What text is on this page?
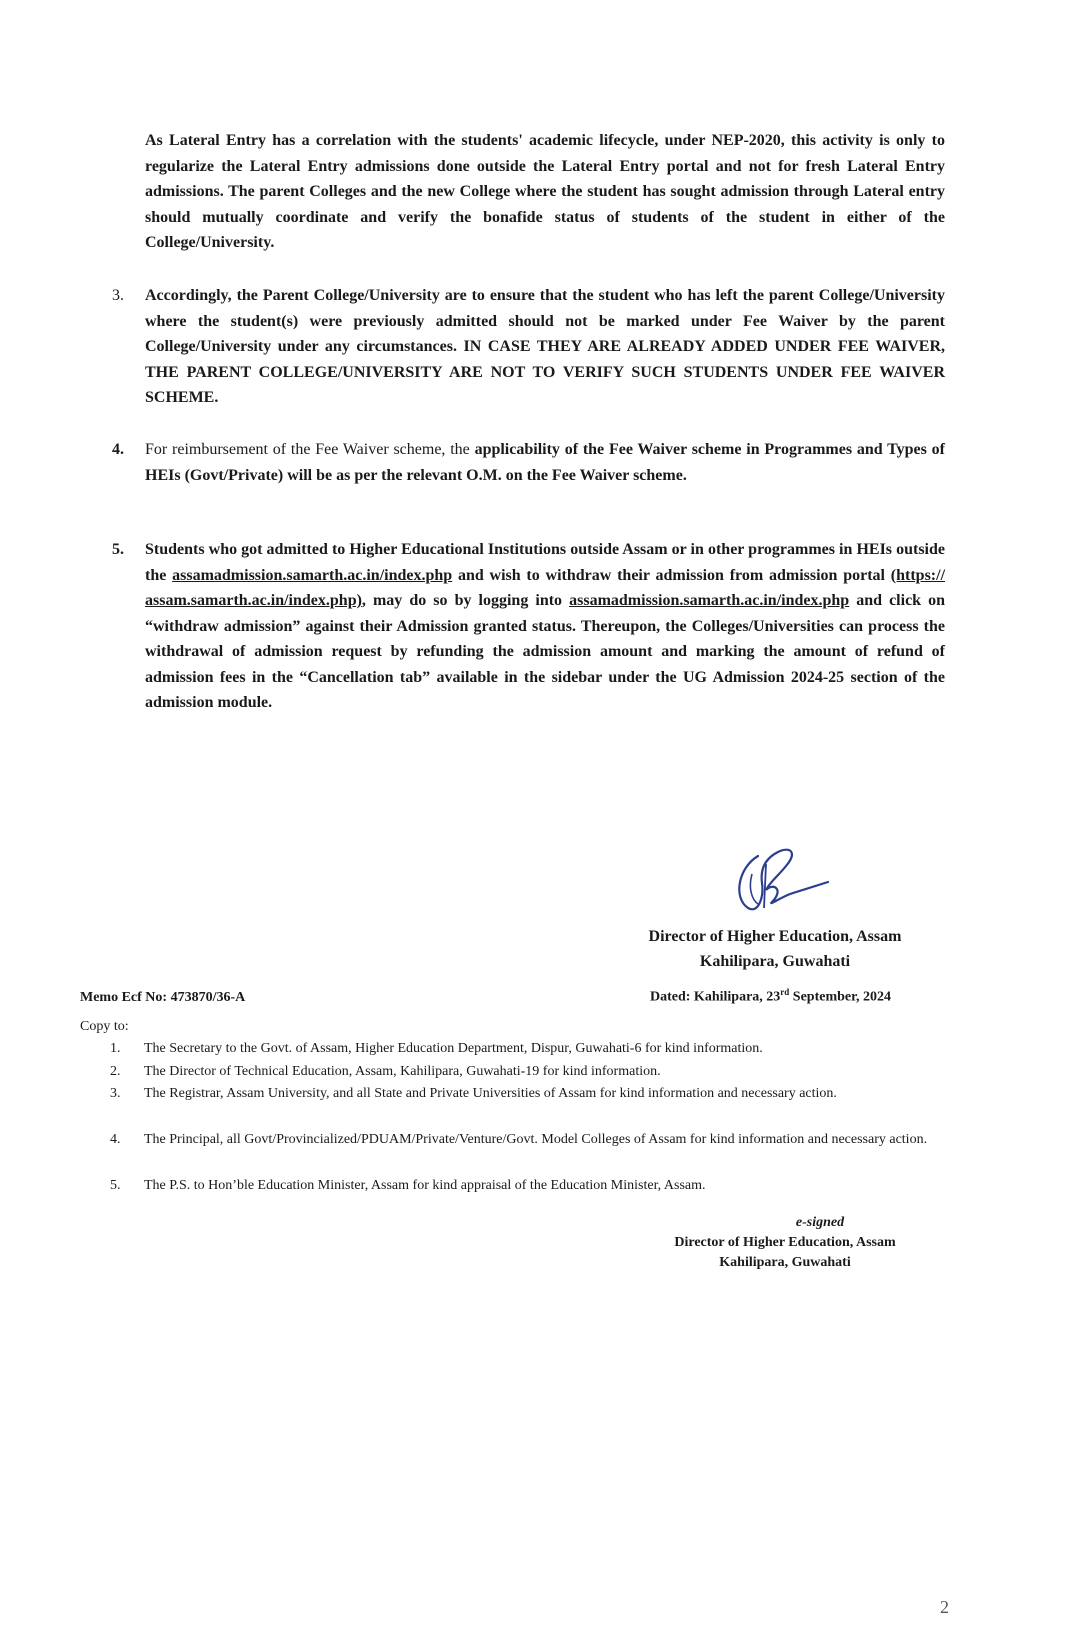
As Lateral Entry has a correlation with the students' academic lifecycle, under NEP-2020, this activity is only to regularize the Lateral Entry admissions done outside the Lateral Entry portal and not for fresh Lateral Entry admissions. The parent Colleges and the new College where the student has sought admission through Lateral entry should mutually coordinate and verify the bonafide status of students of the student in either of the College/University.
3. Accordingly, the Parent College/University are to ensure that the student who has left the parent College/University where the student(s) were previously admitted should not be marked under Fee Waiver by the parent College/University under any circumstances. IN CASE THEY ARE ALREADY ADDED UNDER FEE WAIVER, THE PARENT COLLEGE/UNIVERSITY ARE NOT TO VERIFY SUCH STUDENTS UNDER FEE WAIVER SCHEME.
4. For reimbursement of the Fee Waiver scheme, the applicability of the Fee Waiver scheme in Programmes and Types of HEIs (Govt/Private) will be as per the relevant O.M. on the Fee Waiver scheme.
5. Students who got admitted to Higher Educational Institutions outside Assam or in other programmes in HEIs outside the assamadmission.samarth.ac.in/index.php and wish to withdraw their admission from admission portal (https:// assam.samarth.ac.in/index.php), may do so by logging into assamadmission.samarth.ac.in/index.php and click on “withdraw admission” against their Admission granted status. Thereupon, the Colleges/Universities can process the withdrawal of admission request by refunding the admission amount and marking the amount of refund of admission fees in the “Cancellation tab” available in the sidebar under the UG Admission 2024-25 section of the admission module.
Director of Higher Education, Assam
Kahilipara, Guwahati
Memo Ecf No: 473870/36-A	Dated: Kahilipara, 23rd September, 2024
Copy to:
1. The Secretary to the Govt. of Assam, Higher Education Department, Dispur, Guwahati-6 for kind information.
2. The Director of Technical Education, Assam, Kahilipara, Guwahati-19 for kind information.
3. The Registrar, Assam University, and all State and Private Universities of Assam for kind information and necessary action.
4. The Principal, all Govt/Provincialized/PDUAM/Private/Venture/Govt. Model Colleges of Assam for kind information and necessary action.
5. The P.S. to Hon’ble Education Minister, Assam for kind appraisal of the Education Minister, Assam.
e-signed
Director of Higher Education, Assam
Kahilipara, Guwahati
2
